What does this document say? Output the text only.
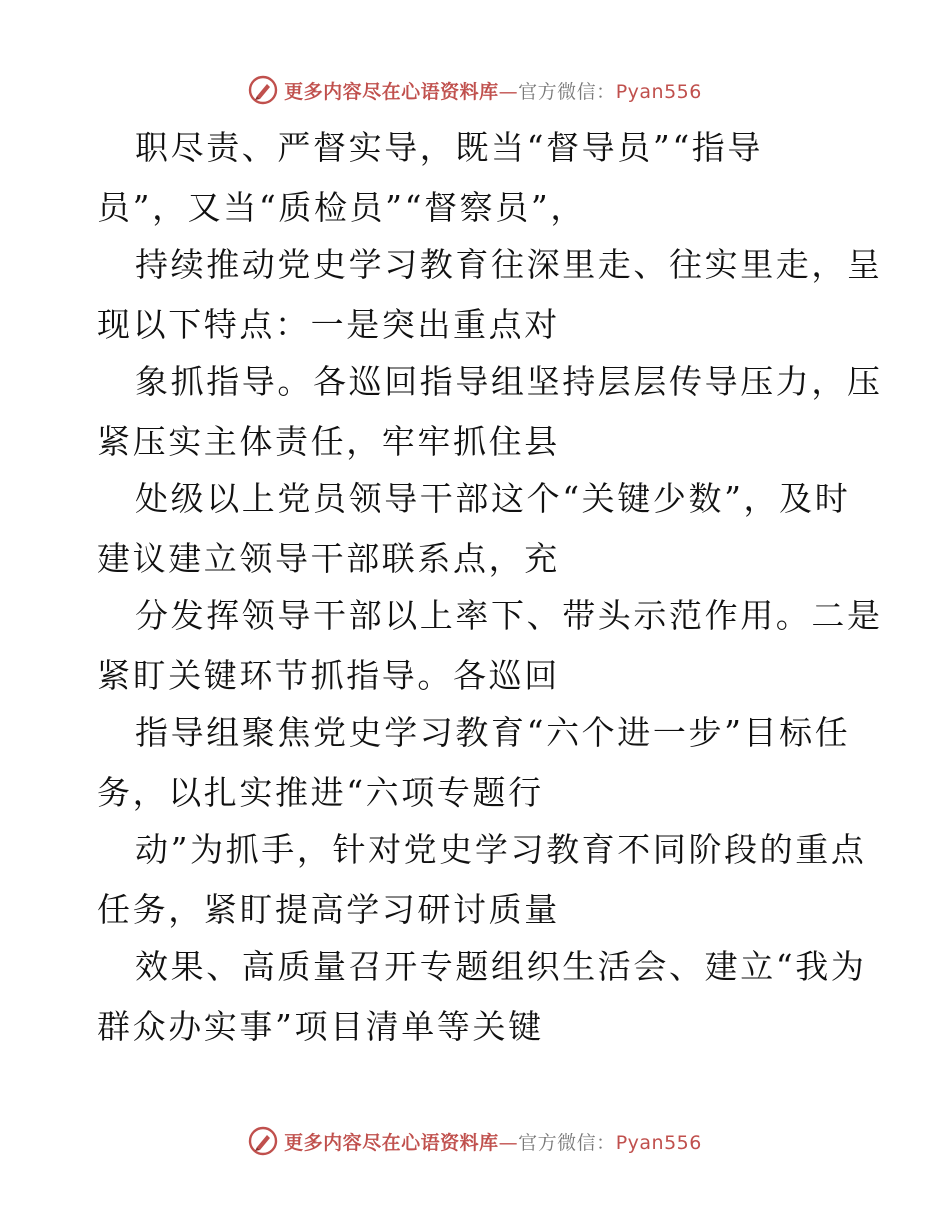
更多内容尽在心语资料库—官方微信：Pyan556
职尽责、严督实导，既当“督导员”“指导
员”，又当“质检员”“督察员”，
持续推动党史学习教育往深里走、往实里走，呈
现以下特点：一是突出重点对
象抓指导。各巡回指导组坚持层层传导压力，压
紧压实主体责任，牢牢抓住县
处级以上党员领导干部这个“关键少数”，及时
建议建立领导干部联系点，充
分发挥领导干部以上率下、带头示范作用。二是
紧盯关键环节抓指导。各巡回
指导组聚焦党史学习教育“六个进一步”目标任
务，以扎实推进“六项专题行
动”为抓手，针对党史学习教育不同阶段的重点
任务，紧盯提高学习研讨质量
效果、高质量召开专题组织生活会、建立“我为
群众办实事”项目清单等关键
更多内容尽在心语资料库—官方微信：Pyan556
